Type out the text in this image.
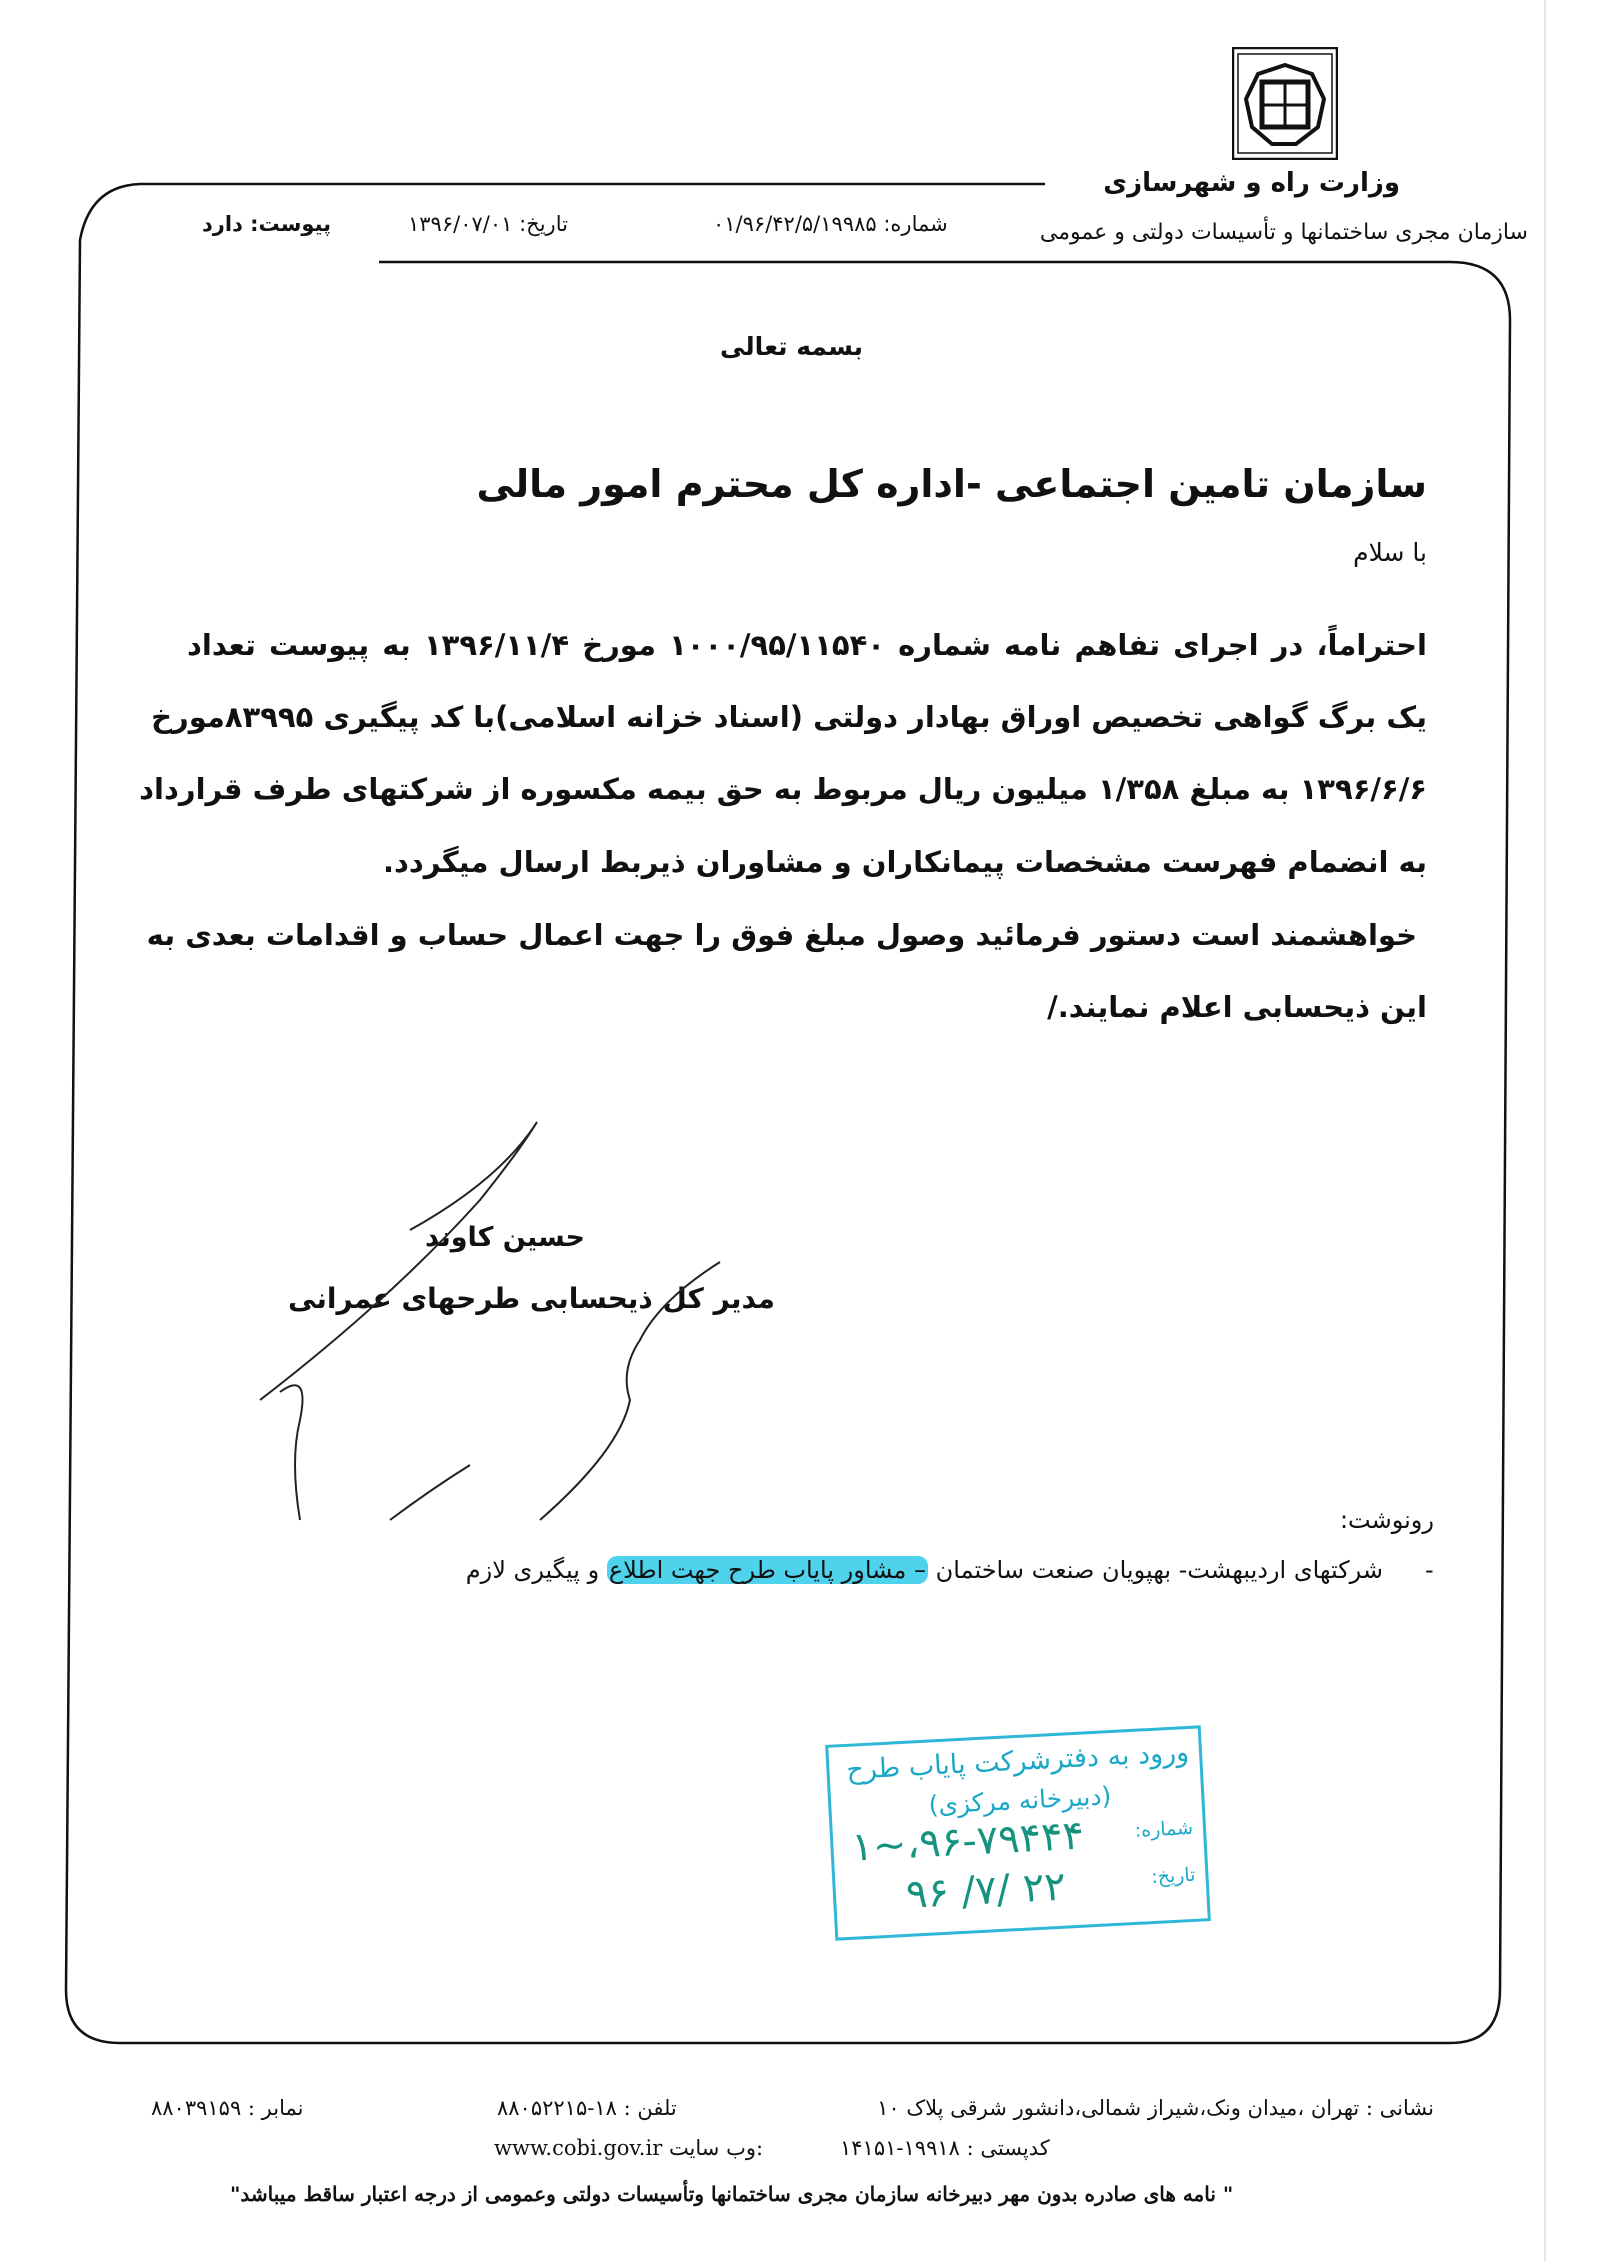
وزارت راه و شهرسازی
سازمان مجری ساختمانها و تأسیسات دولتی و عمومی
شماره: ۰۱/۹۶/۴۲/۵/۱۹۹۸۵
تاریخ: ۱۳۹۶/۰۷/۰۱
پیوست: دارد
بسمه تعالی
سازمان تامین اجتماعی -اداره کل محترم امور مالی
با سلام
احتراماً، در اجرای تفاهم نامه شماره ۱۰۰۰/۹۵/۱۱۵۴۰ مورخ ۱۳۹۶/۱۱/۴ به پیوست تعداد
یک برگ گواهی تخصیص اوراق بهادار دولتی (اسناد خزانه اسلامی)با کد پیگیری ۸۳۹۹۵مورخ
۱۳۹۶/۶/۶ به مبلغ ۱/۳۵۸ میلیون ریال مربوط به حق بیمه مکسوره از شرکتهای طرف قرارداد
به انضمام فهرست مشخصات پیمانکاران و مشاوران ذیربط ارسال میگردد.
خواهشمند است دستور فرمائید وصول مبلغ فوق را جهت اعمال حساب و اقدامات بعدی به
این ذیحسابی اعلام نمایند./
حسین کاوند
مدیر کل ذیحسابی طرحهای عمرانی
رونوشت:
-
شرکتهای اردیبهشت- بهپویان صنعت ساختمان – مشاور پایاب طرح جهت اطلاع و پیگیری لازم
ورود به دفترشرکت پایاب طرح
(دبیرخانه مرکزی)
شماره:
۱~،۹۶-۷۹۴۴۴
تاریخ:
۹۶ /۷/ ۲۲
نشانی : تهران ،میدان ونک،شیراز شمالی،دانشور شرقی پلاک ۱۰
تلفن : ۱۸-۸۸۰۵۲۲۱۵
نمابر : ۸۸۰۳۹۱۵۹
کدپستی : ۱۹۹۱۸-۱۴۱۵۱
www.cobi.gov.ir وب سایت:
" نامه های صادره بدون مهر دبیرخانه سازمان مجری ساختمانها وتأسیسات دولتی وعمومی از درجه اعتبار ساقط میباشد"
